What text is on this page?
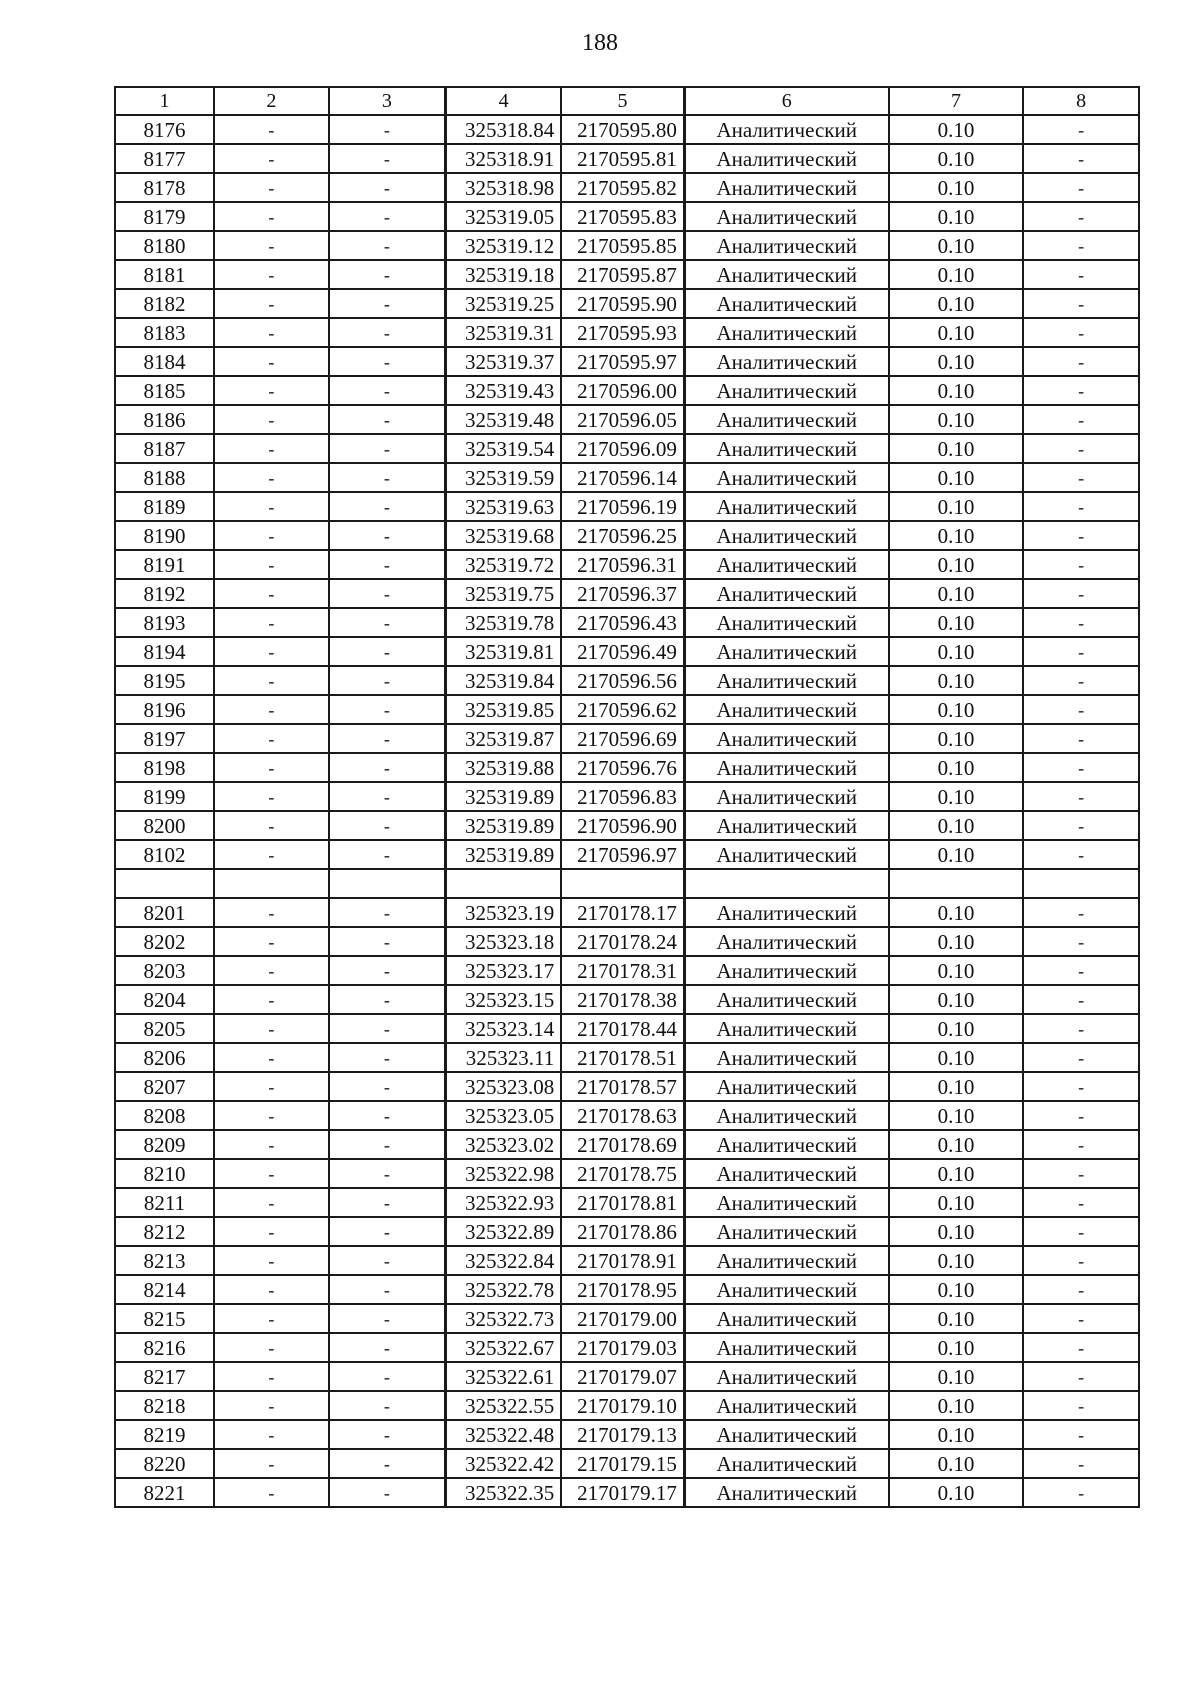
188
1	2	3	4	5	6	7	8
8176	-	-	325318.84	2170595.80	Аналитический	0.10	-
8177	-	-	325318.91	2170595.81	Аналитический	0.10	-
8178	-	-	325318.98	2170595.82	Аналитический	0.10	-
8179	-	-	325319.05	2170595.83	Аналитический	0.10	-
8180	-	-	325319.12	2170595.85	Аналитический	0.10	-
8181	-	-	325319.18	2170595.87	Аналитический	0.10	-
8182	-	-	325319.25	2170595.90	Аналитический	0.10	-
8183	-	-	325319.31	2170595.93	Аналитический	0.10	-
8184	-	-	325319.37	2170595.97	Аналитический	0.10	-
8185	-	-	325319.43	2170596.00	Аналитический	0.10	-
8186	-	-	325319.48	2170596.05	Аналитический	0.10	-
8187	-	-	325319.54	2170596.09	Аналитический	0.10	-
8188	-	-	325319.59	2170596.14	Аналитический	0.10	-
8189	-	-	325319.63	2170596.19	Аналитический	0.10	-
8190	-	-	325319.68	2170596.25	Аналитический	0.10	-
8191	-	-	325319.72	2170596.31	Аналитический	0.10	-
8192	-	-	325319.75	2170596.37	Аналитический	0.10	-
8193	-	-	325319.78	2170596.43	Аналитический	0.10	-
8194	-	-	325319.81	2170596.49	Аналитический	0.10	-
8195	-	-	325319.84	2170596.56	Аналитический	0.10	-
8196	-	-	325319.85	2170596.62	Аналитический	0.10	-
8197	-	-	325319.87	2170596.69	Аналитический	0.10	-
8198	-	-	325319.88	2170596.76	Аналитический	0.10	-
8199	-	-	325319.89	2170596.83	Аналитический	0.10	-
8200	-	-	325319.89	2170596.90	Аналитический	0.10	-
8102	-	-	325319.89	2170596.97	Аналитический	0.10	-

8201	-	-	325323.19	2170178.17	Аналитический	0.10	-
8202	-	-	325323.18	2170178.24	Аналитический	0.10	-
8203	-	-	325323.17	2170178.31	Аналитический	0.10	-
8204	-	-	325323.15	2170178.38	Аналитический	0.10	-
8205	-	-	325323.14	2170178.44	Аналитический	0.10	-
8206	-	-	325323.11	2170178.51	Аналитический	0.10	-
8207	-	-	325323.08	2170178.57	Аналитический	0.10	-
8208	-	-	325323.05	2170178.63	Аналитический	0.10	-
8209	-	-	325323.02	2170178.69	Аналитический	0.10	-
8210	-	-	325322.98	2170178.75	Аналитический	0.10	-
8211	-	-	325322.93	2170178.81	Аналитический	0.10	-
8212	-	-	325322.89	2170178.86	Аналитический	0.10	-
8213	-	-	325322.84	2170178.91	Аналитический	0.10	-
8214	-	-	325322.78	2170178.95	Аналитический	0.10	-
8215	-	-	325322.73	2170179.00	Аналитический	0.10	-
8216	-	-	325322.67	2170179.03	Аналитический	0.10	-
8217	-	-	325322.61	2170179.07	Аналитический	0.10	-
8218	-	-	325322.55	2170179.10	Аналитический	0.10	-
8219	-	-	325322.48	2170179.13	Аналитический	0.10	-
8220	-	-	325322.42	2170179.15	Аналитический	0.10	-
8221	-	-	325322.35	2170179.17	Аналитический	0.10	-
